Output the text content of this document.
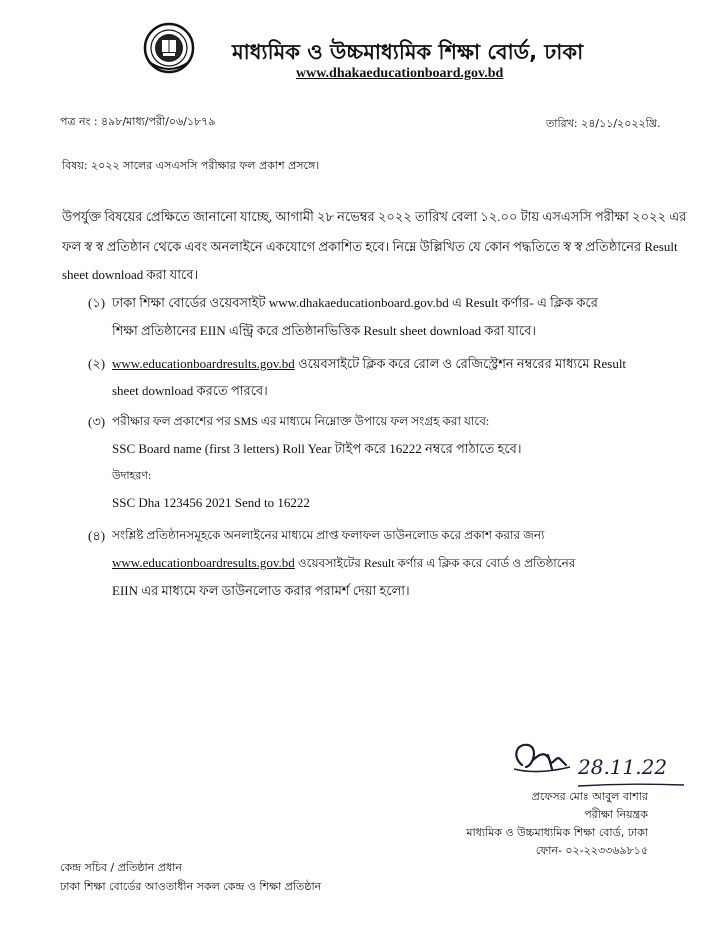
মাধ্যমিক ও উচ্চমাধ্যমিক শিক্ষা বোর্ড, ঢাকা
www.dhakaeducationboard.gov.bd
পত্র নং : ৪৯৮/মাধ্য/পরী/০৬/১৮৭৯	তারিখ: ২৪/১১/২০২২খ্রি.
বিষয়: ২০২২ সালের এসএসসি পরীক্ষার ফল প্রকাশ প্রসঙ্গে।
উপর্যুক্ত বিষয়ের প্রেক্ষিতে জানানো যাচ্ছে, আগামী ২৮ নভেম্বর ২০২২ তারিখ বেলা ১২.০০ টায় এসএসসি পরীক্ষা ২০২২ এর
ফল স্ব স্ব প্রতিষ্ঠান থেকে এবং অনলাইনে একযোগে প্রকাশিত হবে। নিম্নে উল্লিখিত যে কোন পদ্ধতিতে স্ব স্ব প্রতিষ্ঠানের Result
sheet download করা যাবে।
(১) ঢাকা শিক্ষা বোর্ডের ওয়েবসাইট www.dhakaeducationboard.gov.bd এ Result কর্ণার- এ ক্লিক করে
শিক্ষা প্রতিষ্ঠানের EIIN এন্ট্রি করে প্রতিষ্ঠানভিত্তিক Result sheet download করা যাবে।
(২) www.educationboardresults.gov.bd ওয়েবসাইটে ক্লিক করে রোল ও রেজিস্ট্রেশন নম্বরের মাধ্যমে Result
sheet download করতে পারবে।
(৩) পরীক্ষার ফল প্রকাশের পর SMS এর মাধ্যমে নিম্নোক্ত উপায়ে ফল সংগ্রহ করা যাবে:
SSC Board name (first 3 letters) Roll Year টাইপ করে 16222 নম্বরে পাঠাতে হবে।
উদাহরণ:
SSC Dha 123456 2021 Send to 16222
(৪) সংশ্লিষ্ট প্রতিষ্ঠানসমূহকে অনলাইনের মাধ্যমে প্রাপ্ত ফলাফল ডাউনলোড করে প্রকাশ করার জন্য
www.educationboardresults.gov.bd ওয়েবসাইটের Result কর্ণার এ ক্লিক করে বোর্ড ও প্রতিষ্ঠানের
EIIN এর মাধ্যমে ফল ডাউনলোড করার পরামর্শ দেয়া হলো।
28.11.22
প্রফেসর মোঃ আবুল বাশার
পরীক্ষা নিয়ন্ত্রক
মাধ্যমিক ও উচ্চমাধ্যমিক শিক্ষা বোর্ড, ঢাকা
ফোন- ০২-২২৩৩৬৯৮১৫
কেন্দ্র সচিব / প্রতিষ্ঠান প্রধান
ঢাকা শিক্ষা বোর্ডের আওতাধীন সকল কেন্দ্র ও শিক্ষা প্রতিষ্ঠান
